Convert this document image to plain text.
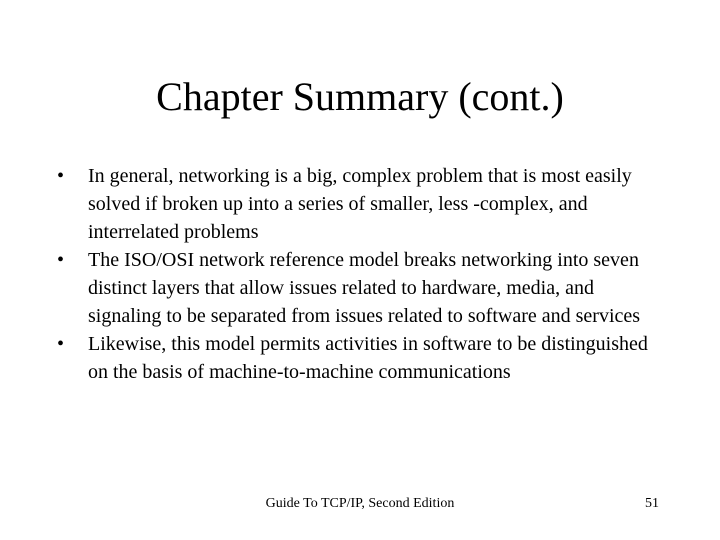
Chapter Summary (cont.)
•	In general, networking is a big, complex problem that is most easily solved if broken up into a series of smaller, less -complex, and interrelated problems
•	The ISO/OSI network reference model breaks networking into seven distinct layers that allow issues related to hardware, media, and signaling to be separated from issues related to software and services
•	Likewise, this model permits activities in software to be distinguished on the basis of machine-to-machine communications
Guide To TCP/IP, Second Edition	51
